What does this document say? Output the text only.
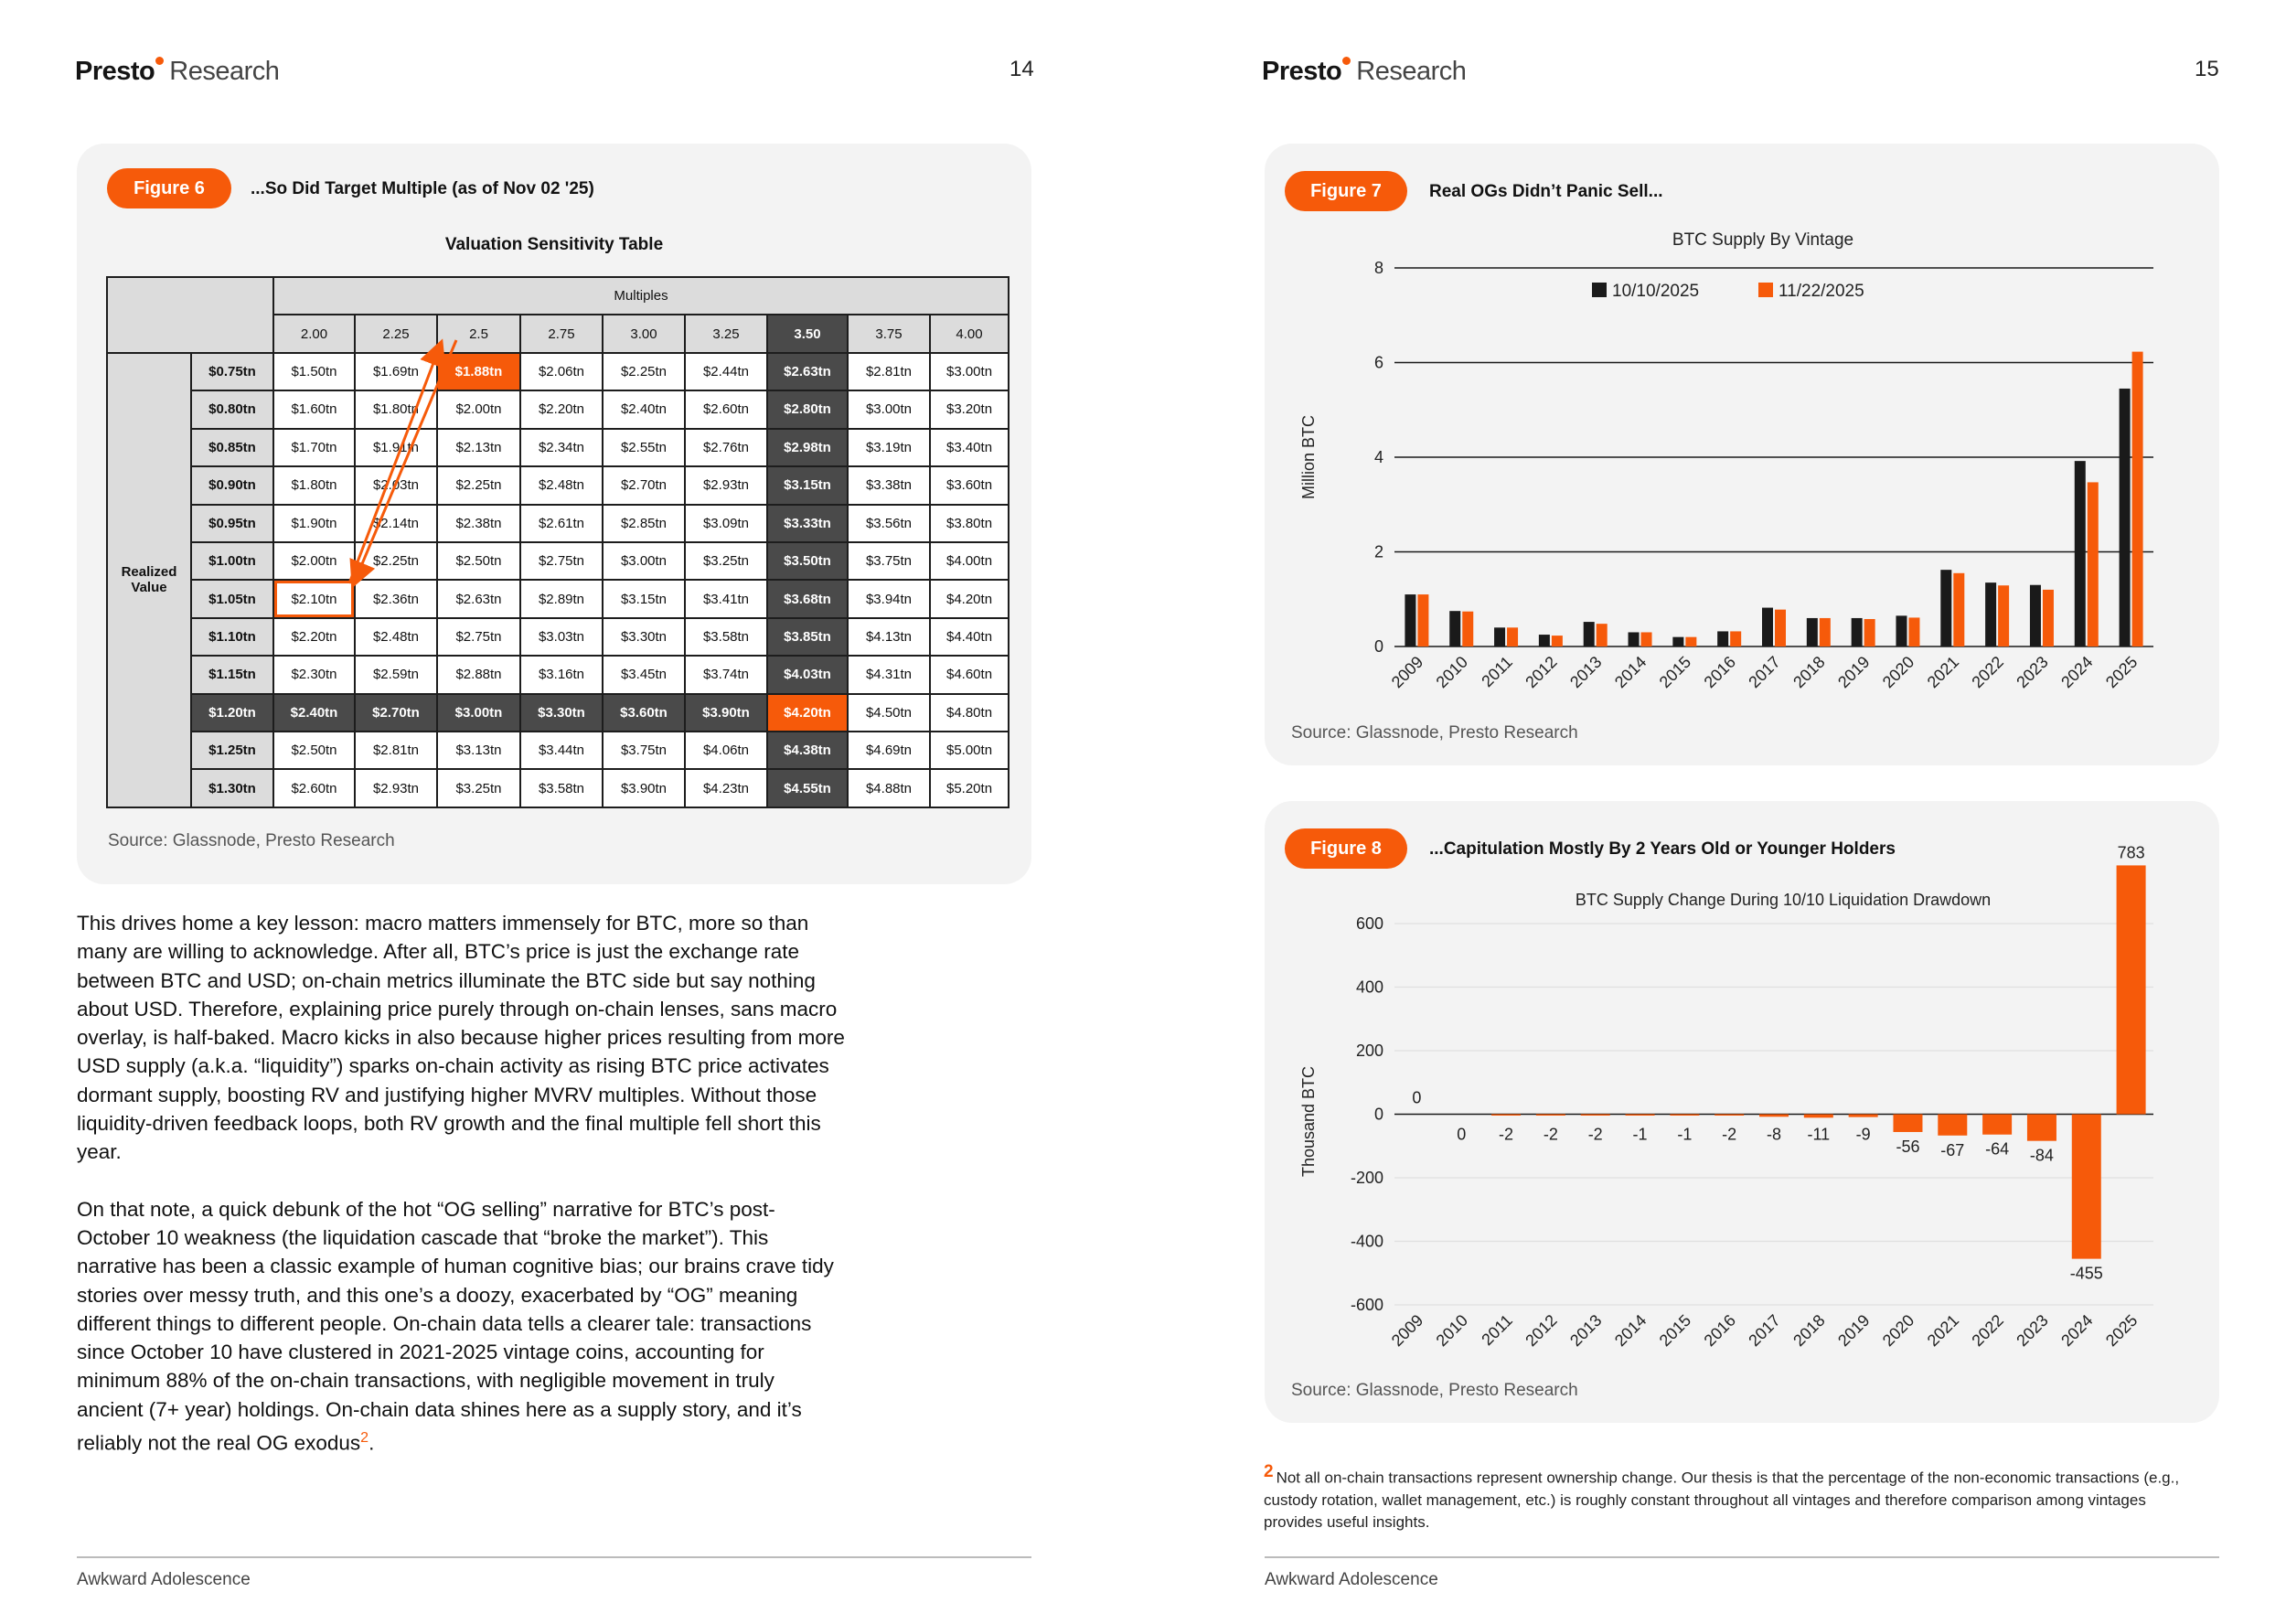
Presto Research	14
Figure 6	...So Did Target Multiple (as of Nov 02 '25)
Valuation Sensitivity Table
Source: Glassnode, Presto Research
		Multiples								
		2.00	2.25	2.5	2.75	3.00	3.25	3.50	3.75	4.00
Realized Value	$0.75tn	$1.50tn	$1.69tn	$1.88tn	$2.06tn	$2.25tn	$2.44tn	$2.63tn	$2.81tn	$3.00tn
	$0.80tn	$1.60tn	$1.80tn	$2.00tn	$2.20tn	$2.40tn	$2.60tn	$2.80tn	$3.00tn	$3.20tn
	$0.85tn	$1.70tn	$1.91tn	$2.13tn	$2.34tn	$2.55tn	$2.76tn	$2.98tn	$3.19tn	$3.40tn
	$0.90tn	$1.80tn	$2.03tn	$2.25tn	$2.48tn	$2.70tn	$2.93tn	$3.15tn	$3.38tn	$3.60tn
	$0.95tn	$1.90tn	$2.14tn	$2.38tn	$2.61tn	$2.85tn	$3.09tn	$3.33tn	$3.56tn	$3.80tn
	$1.00tn	$2.00tn	$2.25tn	$2.50tn	$2.75tn	$3.00tn	$3.25tn	$3.50tn	$3.75tn	$4.00tn
	$1.05tn	$2.10tn	$2.36tn	$2.63tn	$2.89tn	$3.15tn	$3.41tn	$3.68tn	$3.94tn	$4.20tn
	$1.10tn	$2.20tn	$2.48tn	$2.75tn	$3.03tn	$3.30tn	$3.58tn	$3.85tn	$4.13tn	$4.40tn
	$1.15tn	$2.30tn	$2.59tn	$2.88tn	$3.16tn	$3.45tn	$3.74tn	$4.03tn	$4.31tn	$4.60tn
	$1.20tn	$2.40tn	$2.70tn	$3.00tn	$3.30tn	$3.60tn	$3.90tn	$4.20tn	$4.50tn	$4.80tn
	$1.25tn	$2.50tn	$2.81tn	$3.13tn	$3.44tn	$3.75tn	$4.06tn	$4.38tn	$4.69tn	$5.00tn
	$1.30tn	$2.60tn	$2.93tn	$3.25tn	$3.58tn	$3.90tn	$4.23tn	$4.55tn	$4.88tn	$5.20tn

This drives home a key lesson: macro matters immensely for BTC, more so than many are willing to acknowledge. After all, BTC’s price is just the exchange rate between BTC and USD; on-chain metrics illuminate the BTC side but say nothing about USD. Therefore, explaining price purely through on-chain lenses, sans macro overlay, is half-baked. Macro kicks in also because higher prices resulting from more USD supply (a.k.a. “liquidity”) sparks on-chain activity as rising BTC price activates dormant supply, boosting RV and justifying higher MVRV multiples. Without those liquidity-driven feedback loops, both RV growth and the final multiple fell short this year.

On that note, a quick debunk of the hot “OG selling” narrative for BTC’s post-October 10 weakness (the liquidation cascade that “broke the market”). This narrative has been a classic example of human cognitive bias; our brains crave tidy stories over messy truth, and this one’s a doozy, exacerbated by “OG” meaning different things to different people. On-chain data tells a clearer tale: transactions since October 10 have clustered in 2021-2025 vintage coins, accounting for minimum 88% of the on-chain transactions, with negligible movement in truly ancient (7+ year) holdings. On-chain data shines here as a supply story, and it’s reliably not the real OG exodus$^2$.

Awkward Adolescence
Presto Research	15
Figure 7	Real OGs Didn’t Panic Sell...
Source: Glassnode, Presto Research
Figure 8	...Capitulation Mostly By 2 Years Old or Younger Holders
Source: Glassnode, Presto Research
2 Not all on-chain transactions represent ownership change. Our thesis is that the percentage of the non-economic transactions (e.g., custody rotation, wallet management, etc.) is roughly constant throughout all vintages and therefore comparison among vintages provides useful insights.
Awkward Adolescence
BTC Supply By Vintage
0
2
4
6
8
Million BTC
10/10/2025	11/22/2025
2009 2010 2011 2012 2013 2014 2015 2016 2017 2018 2019 2020 2021 2022 2023 2024 2025
BTC Supply Change During 10/10 Liquidation Drawdown
-600
-400
-200
0
200
400
600
Thousand BTC	0
2009
0
2010
-2
2011
-2
2012
-2
2013
-1
2014
-1
2015
-2
2016
-8
2017
-11
2018
-9
2019
-56
2020
-67
2021
-64
2022
-84
2023
-455
2024
783
2025
